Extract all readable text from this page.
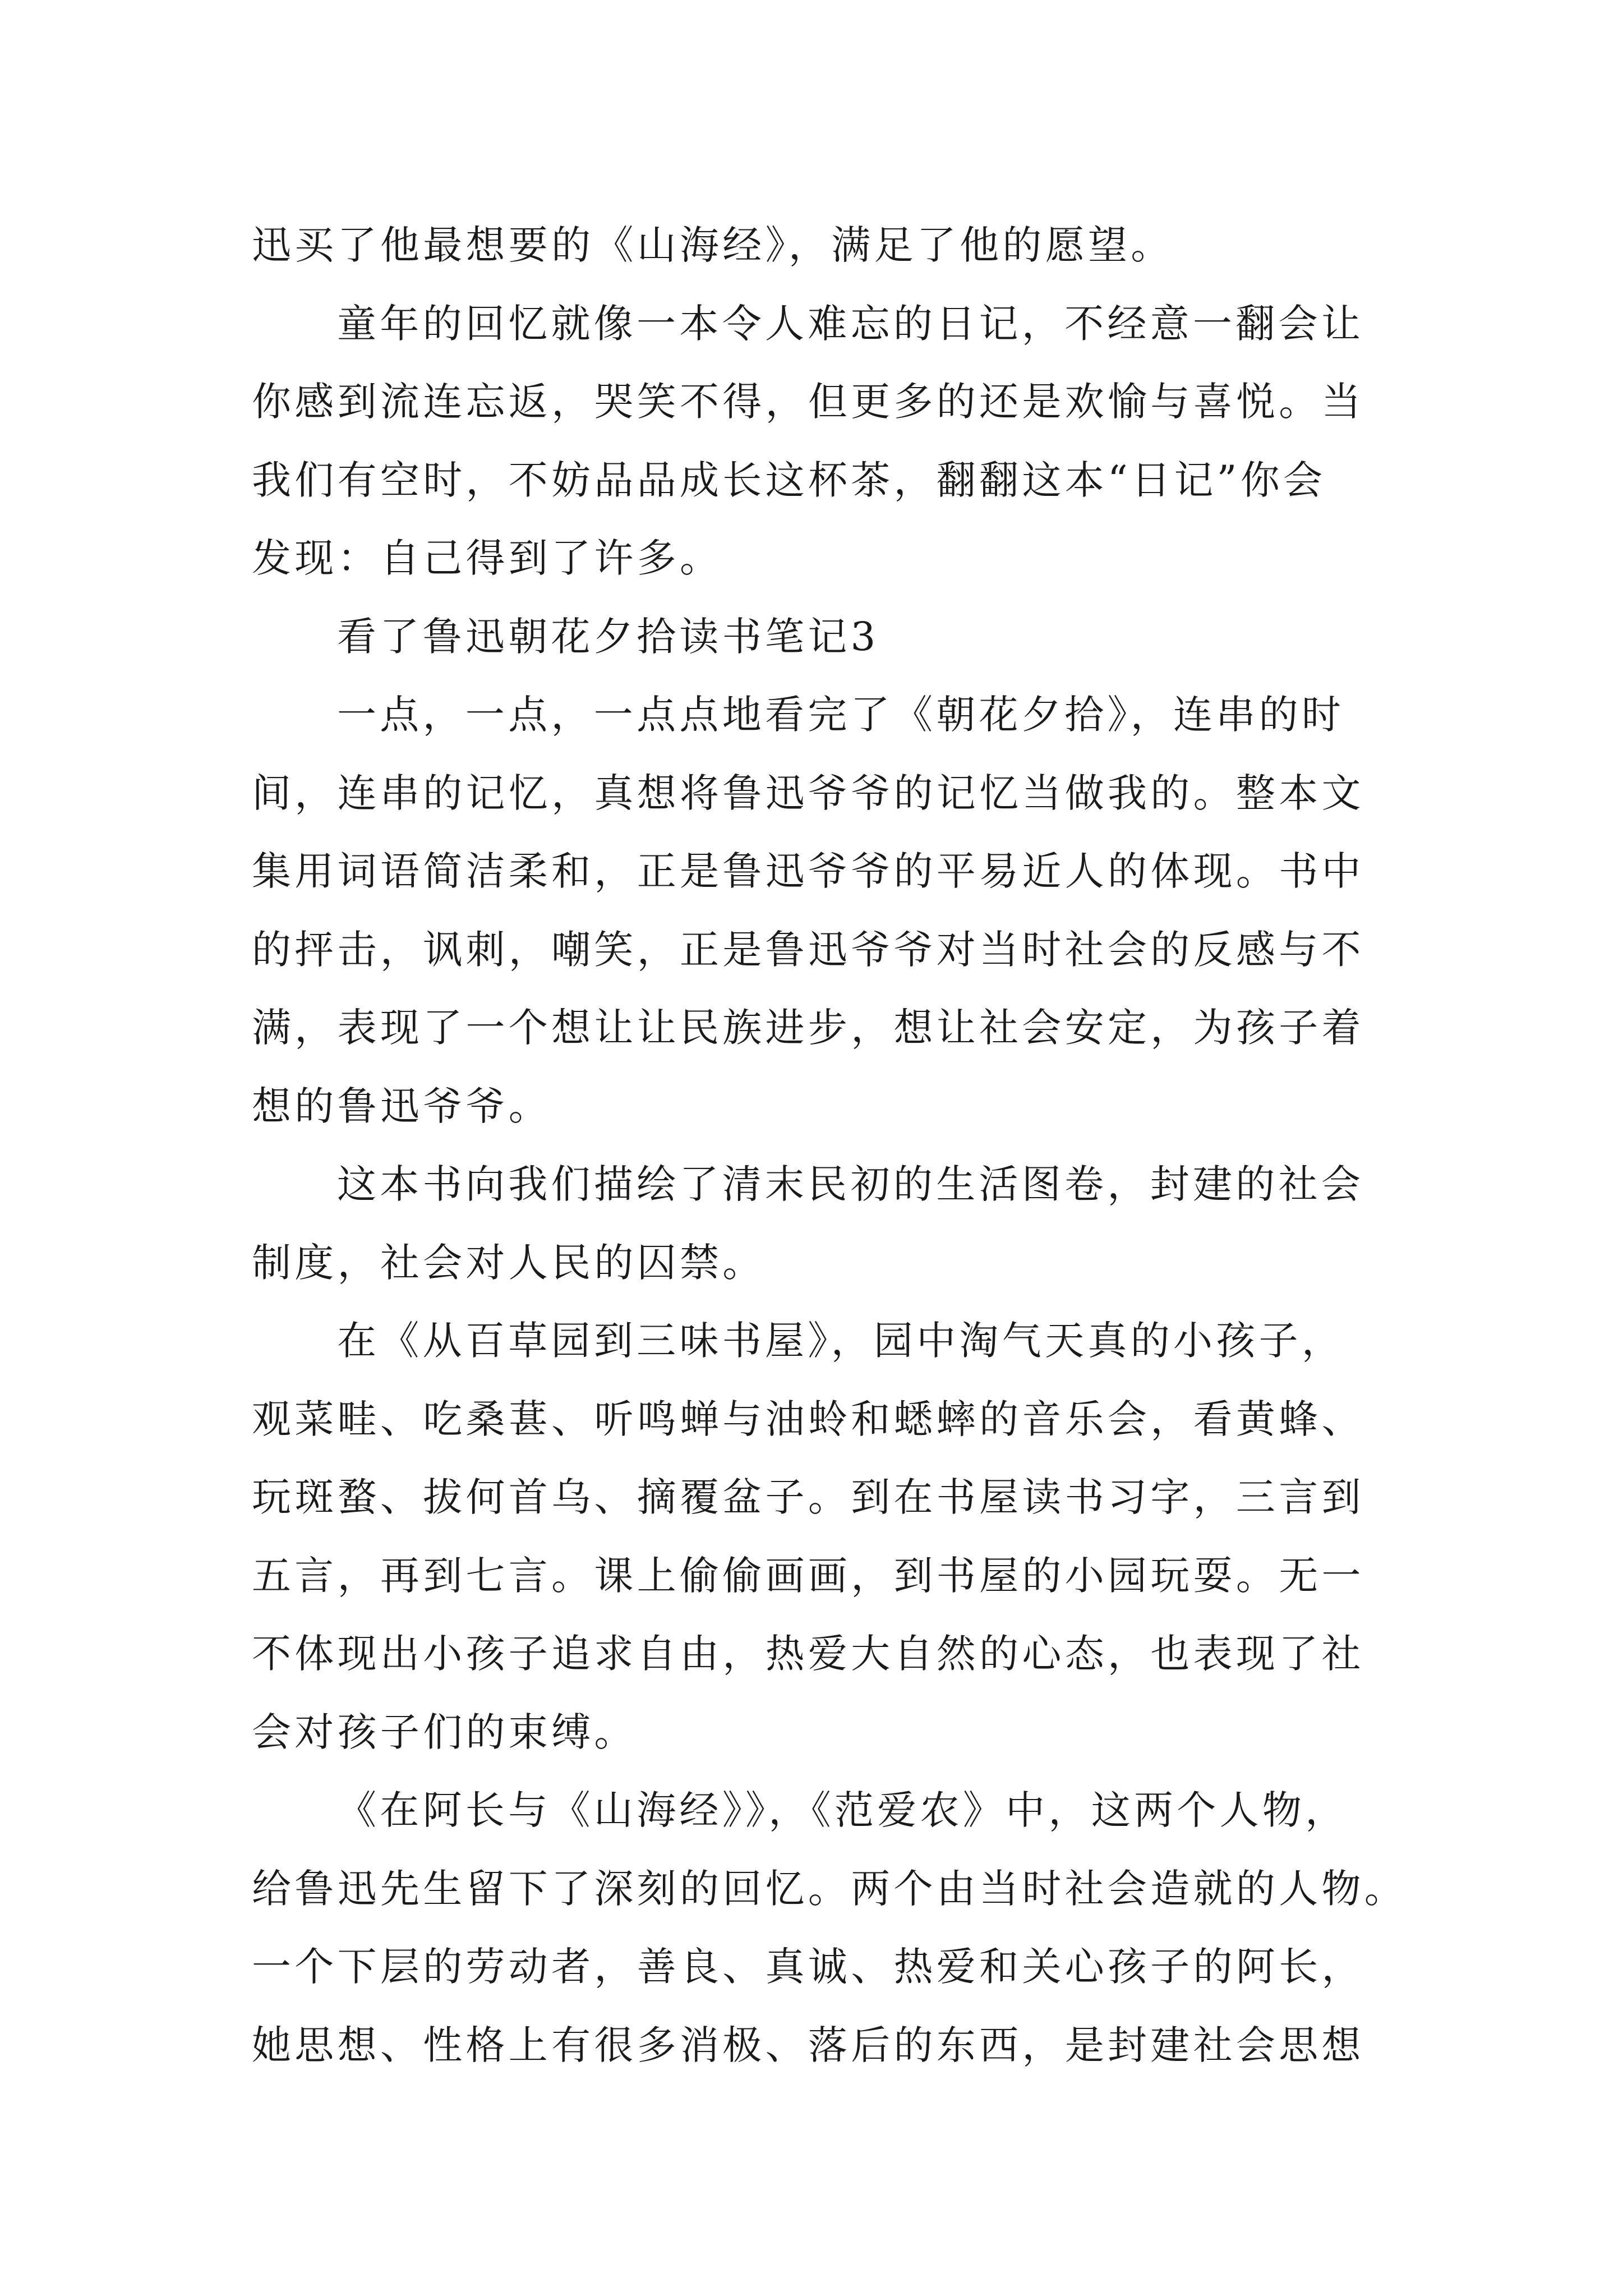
迅买了他最想要的《山海经》，满足了他的愿望。
童年的回忆就像一本令人难忘的日记，不经意一翻会让
你感到流连忘返，哭笑不得，但更多的还是欢愉与喜悦。当
我们有空时，不妨品品成长这杯茶，翻翻这本“日记”你会
发现：自己得到了许多。
看了鲁迅朝花夕拾读书笔记3
一点，一点，一点点地看完了《朝花夕拾》，连串的时
间，连串的记忆，真想将鲁迅爷爷的记忆当做我的。整本文
集用词语简洁柔和，正是鲁迅爷爷的平易近人的体现。书中
的抨击，讽刺，嘲笑，正是鲁迅爷爷对当时社会的反感与不
满，表现了一个想让让民族进步，想让社会安定，为孩子着
想的鲁迅爷爷。
这本书向我们描绘了清末民初的生活图卷，封建的社会
制度，社会对人民的囚禁。
在《从百草园到三味书屋》，园中淘气天真的小孩子，
观菜畦、吃桑葚、听鸣蝉与油蛉和蟋蟀的音乐会，看黄蜂、
玩斑蝥、拔何首乌、摘覆盆子。到在书屋读书习字，三言到
五言，再到七言。课上偷偷画画，到书屋的小园玩耍。无一
不体现出小孩子追求自由，热爱大自然的心态，也表现了社
会对孩子们的束缚。
《在阿长与《山海经》》，《范爱农》中，这两个人物，
给鲁迅先生留下了深刻的回忆。两个由当时社会造就的人物。
一个下层的劳动者，善良、真诚、热爱和关心孩子的阿长，
她思想、性格上有很多消极、落后的东西，是封建社会思想
